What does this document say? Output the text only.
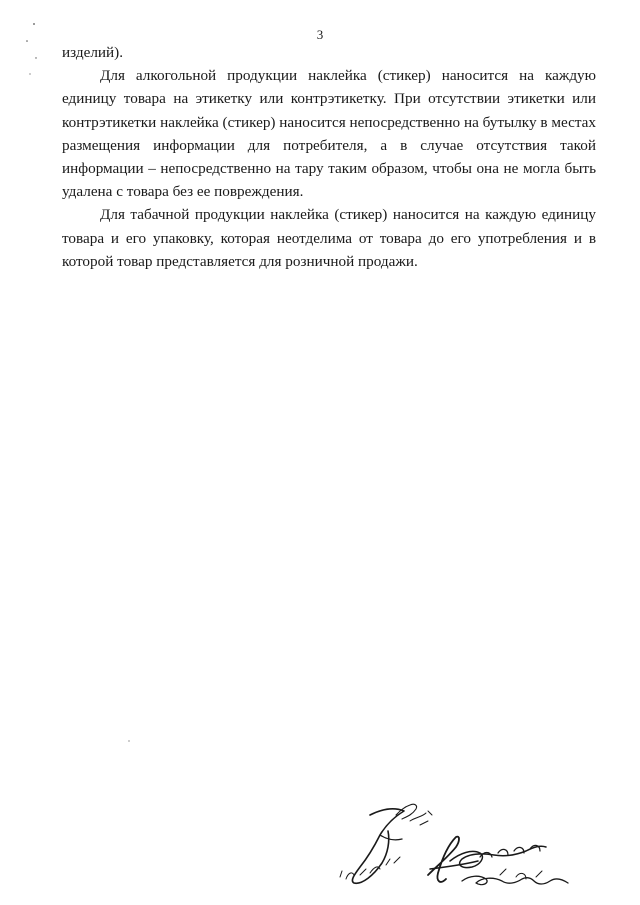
3

изделий).

Для алкогольной продукции наклейка (стикер) наносится на каждую единицу товара на этикетку или контрэтикетку. При отсутствии этикетки или контрэтикетки наклейка (стикер) наносится непосредственно на бутылку в местах размещения информации для потребителя, а в случае отсутствия такой информации – непосредственно на тару таким образом, чтобы она не могла быть удалена с товара без ее повреждения.

Для табачной продукции наклейка (стикер) наносится на каждую единицу товара и его упаковку, которая неотделима от товара до его употребления и в которой товар представляется для розничной продажи.
